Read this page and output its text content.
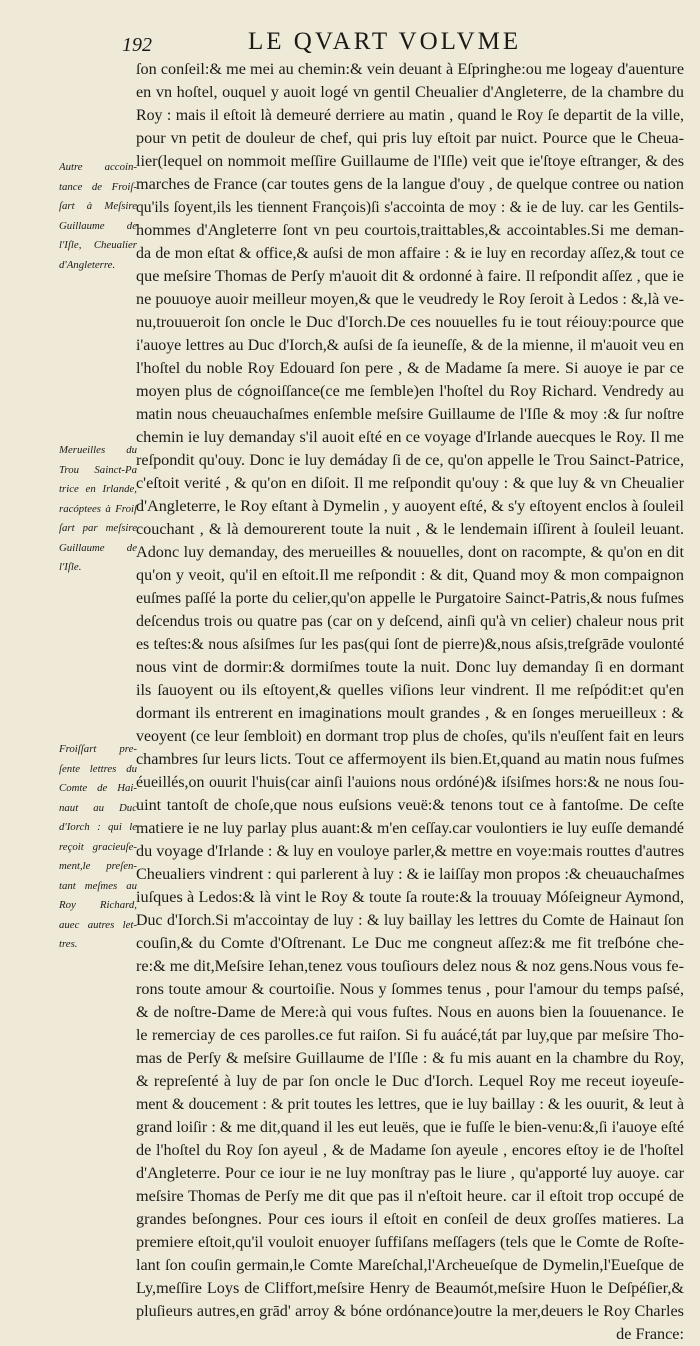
192	LE QVART VOLVME
Autre accoin-
tance de Froiſ-
ſart à Meſsire
Guillaume de
l'Iſle, Cheualier
d'Angleterre.
Merueilles du
Trou Sainct-Pa
trice en Irlande,
racóptees à Froiſ
ſart par meſsire
Guillaume de
l'Iſle.
Froiſſart pre-
ſente lettres du
Comte de Hai-
naut au Duc
d'Iorch : qui le
reçoit gracieuſe-
ment,le preſen-
tant meſmes au
Roy Richard,
auec autres let-
tres.
ſon conſeil:& me mei au chemin:& vein deuant à Eſpringhe:ou me logeay d'auenture
en vn hoſtel, ouquel y auoit logé vn gentil Cheualier d'Angleterre, de la chambre du
Roy : mais il eſtoit là demeuré derriere au matin , quand le Roy ſe departit de la ville,
pour vn petit de douleur de chef, qui pris luy eſtoit par nuict. Pource que le Cheua-
lier(lequel on nommoit meſſire Guillaume de l'Iſle) veit que ie'ſtoye eſtranger, & des
marches de France (car toutes gens de la langue d'ouy , de quelque contree ou nation
qu'ils ſoyent,ils les tiennent François)ſi s'accointa de moy : & ie de luy. car les Gentils-
hommes d'Angleterre ſont vn peu courtois,traittables,& accointables.Si me deman-
da de mon eſtat & office,& auſsi de mon affaire : & ie luy en recorday aſſez,& tout ce
que meſsire Thomas de Perſy m'auoit dit & ordonné à faire. Il reſpondit aſſez , que ie
ne pouuoye auoir meilleur moyen,& que le veudredy le Roy ſeroit à Ledos : &,là ve-
nu,trouueroit ſon oncle le Duc d'Iorch.De ces nouuelles fu ie tout réiouy:pource que
i'auoye lettres au Duc d'Iorch,& auſsi de ſa ieuneſſe, & de la mienne, il m'auoit veu en
l'hoſtel du noble Roy Edouard ſon pere , & de Madame ſa mere. Si auoye ie par ce
moyen plus de cógnoiſſance(ce me ſemble)en l'hoſtel du Roy Richard. Vendredy au
matin nous cheuauchaſmes enſemble meſsire Guillaume de l'Iſle & moy :& ſur noſtre
chemin ie luy demanday s'il auoit eſté en ce voyage d'Irlande auecques le Roy. Il me
reſpondit qu'ouy. Donc ie luy demáday ſi de ce, qu'on appelle le Trou Sainct-Patrice,
c'eſtoit verité , & qu'on en diſoit. Il me reſpondit qu'ouy : & que luy & vn Cheualier
d'Angleterre, le Roy eſtant à Dymelin , y auoyent eſté, & s'y eſtoyent enclos à ſouleil
couchant , & là demourerent toute la nuit , & le lendemain iſſirent à ſouleil leuant.
Adonc luy demanday, des merueilles & nouuelles, dont on racompte, & qu'on en dit
qu'on y veoit, qu'il en eſtoit.Il me reſpondit : & dit, Quand moy & mon compaignon
euſmes paſſé la porte du celier,qu'on appelle le Purgatoire Sainct-Patris,& nous fuſmes
deſcendus trois ou quatre pas (car on y deſcend, ainſi qu'à vn celier) chaleur nous prit
es teſtes:& nous aſsiſmes ſur les pas(qui ſont de pierre)&,nous aſsis,treſgrāde voulonté
nous vint de dormir:& dormiſmes toute la nuit. Donc luy demanday ſi en dormant
ils ſauoyent ou ils eſtoyent,& quelles viſions leur vindrent. Il me reſpódit:et qu'en
dormant ils entrerent en imaginations moult grandes , & en ſonges merueilleux : &
veoyent (ce leur ſembloit) en dormant trop plus de choſes, qu'ils n'euſſent fait en leurs
chambres ſur leurs licts. Tout ce affermoyent ils bien.Et,quand au matin nous fuſmes
éueillés,on ouurit l'huis(car ainſi l'auions nous ordóné)& iſsiſmes hors:& ne nous ſou-
uint tantoſt de choſe,que nous euſsions veuë:& tenons tout ce à fantoſme. De ceſte
matiere ie ne luy parlay plus auant:& m'en ceſſay.car voulontiers ie luy euſſe demandé
du voyage d'Irlande : & luy en vouloye parler,& mettre en voye:mais routtes d'autres
Cheualiers vindrent : qui parlerent à luy : & ie laiſſay mon propos :& cheuauchaſmes
iuſques à Ledos:& là vint le Roy & toute ſa route:& la trouuay Móſeigneur Aymond,
Duc d'Iorch.Si m'accointay de luy : & luy baillay les lettres du Comte de Hainaut ſon
couſin,& du Comte d'Oſtrenant. Le Duc me congneut aſſez:& me fit treſbóne che-
re:& me dit,Meſsire Iehan,tenez vous touſiours delez nous & noz gens.Nous vous fe-
rons toute amour & courtoiſie. Nous y ſommes tenus , pour l'amour du temps paſsé,
& de noſtre-Dame de Mere:à qui vous fuſtes. Nous en auons bien la ſouuenance. Ie
le remerciay de ces parolles.ce fut raiſon. Si fu auácé,tát par luy,que par meſsire Tho-
mas de Perſy & meſsire Guillaume de l'Iſle : & fu mis auant en la chambre du Roy,
& repreſenté à luy de par ſon oncle le Duc d'Iorch. Lequel Roy me receut ioyeuſe-
ment & doucement : & prit toutes les lettres, que ie luy baillay : & les ouurit, & leut à
grand loiſir : & me dit,quand il les eut leuës, que ie fuſſe le bien-venu:&,ſi i'auoye eſté
de l'hoſtel du Roy ſon ayeul , & de Madame ſon ayeule , encores eſtoy ie de l'hoſtel
d'Angleterre. Pour ce iour ie ne luy monſtray pas le liure , qu'apporté luy auoye. car
meſsire Thomas de Perſy me dit que pas il n'eſtoit heure. car il eſtoit trop occupé de
grandes beſongnes. Pour ces iours il eſtoit en conſeil de deux groſſes matieres. La
premiere eſtoit,qu'il vouloit enuoyer ſuffiſans meſſagers (tels que le Comte de Roſte-
lant ſon couſin germain,le Comte Mareſchal,l'Archeueſque de Dymelin,l'Eueſque de
Ly,meſſire Loys de Cliffort,meſsire Henry de Beaumót,meſsire Huon le Deſpéſier,&
pluſieurs autres,en grād' arroy & bóne ordónance)outre la mer,deuers le Roy Charles
de France:
